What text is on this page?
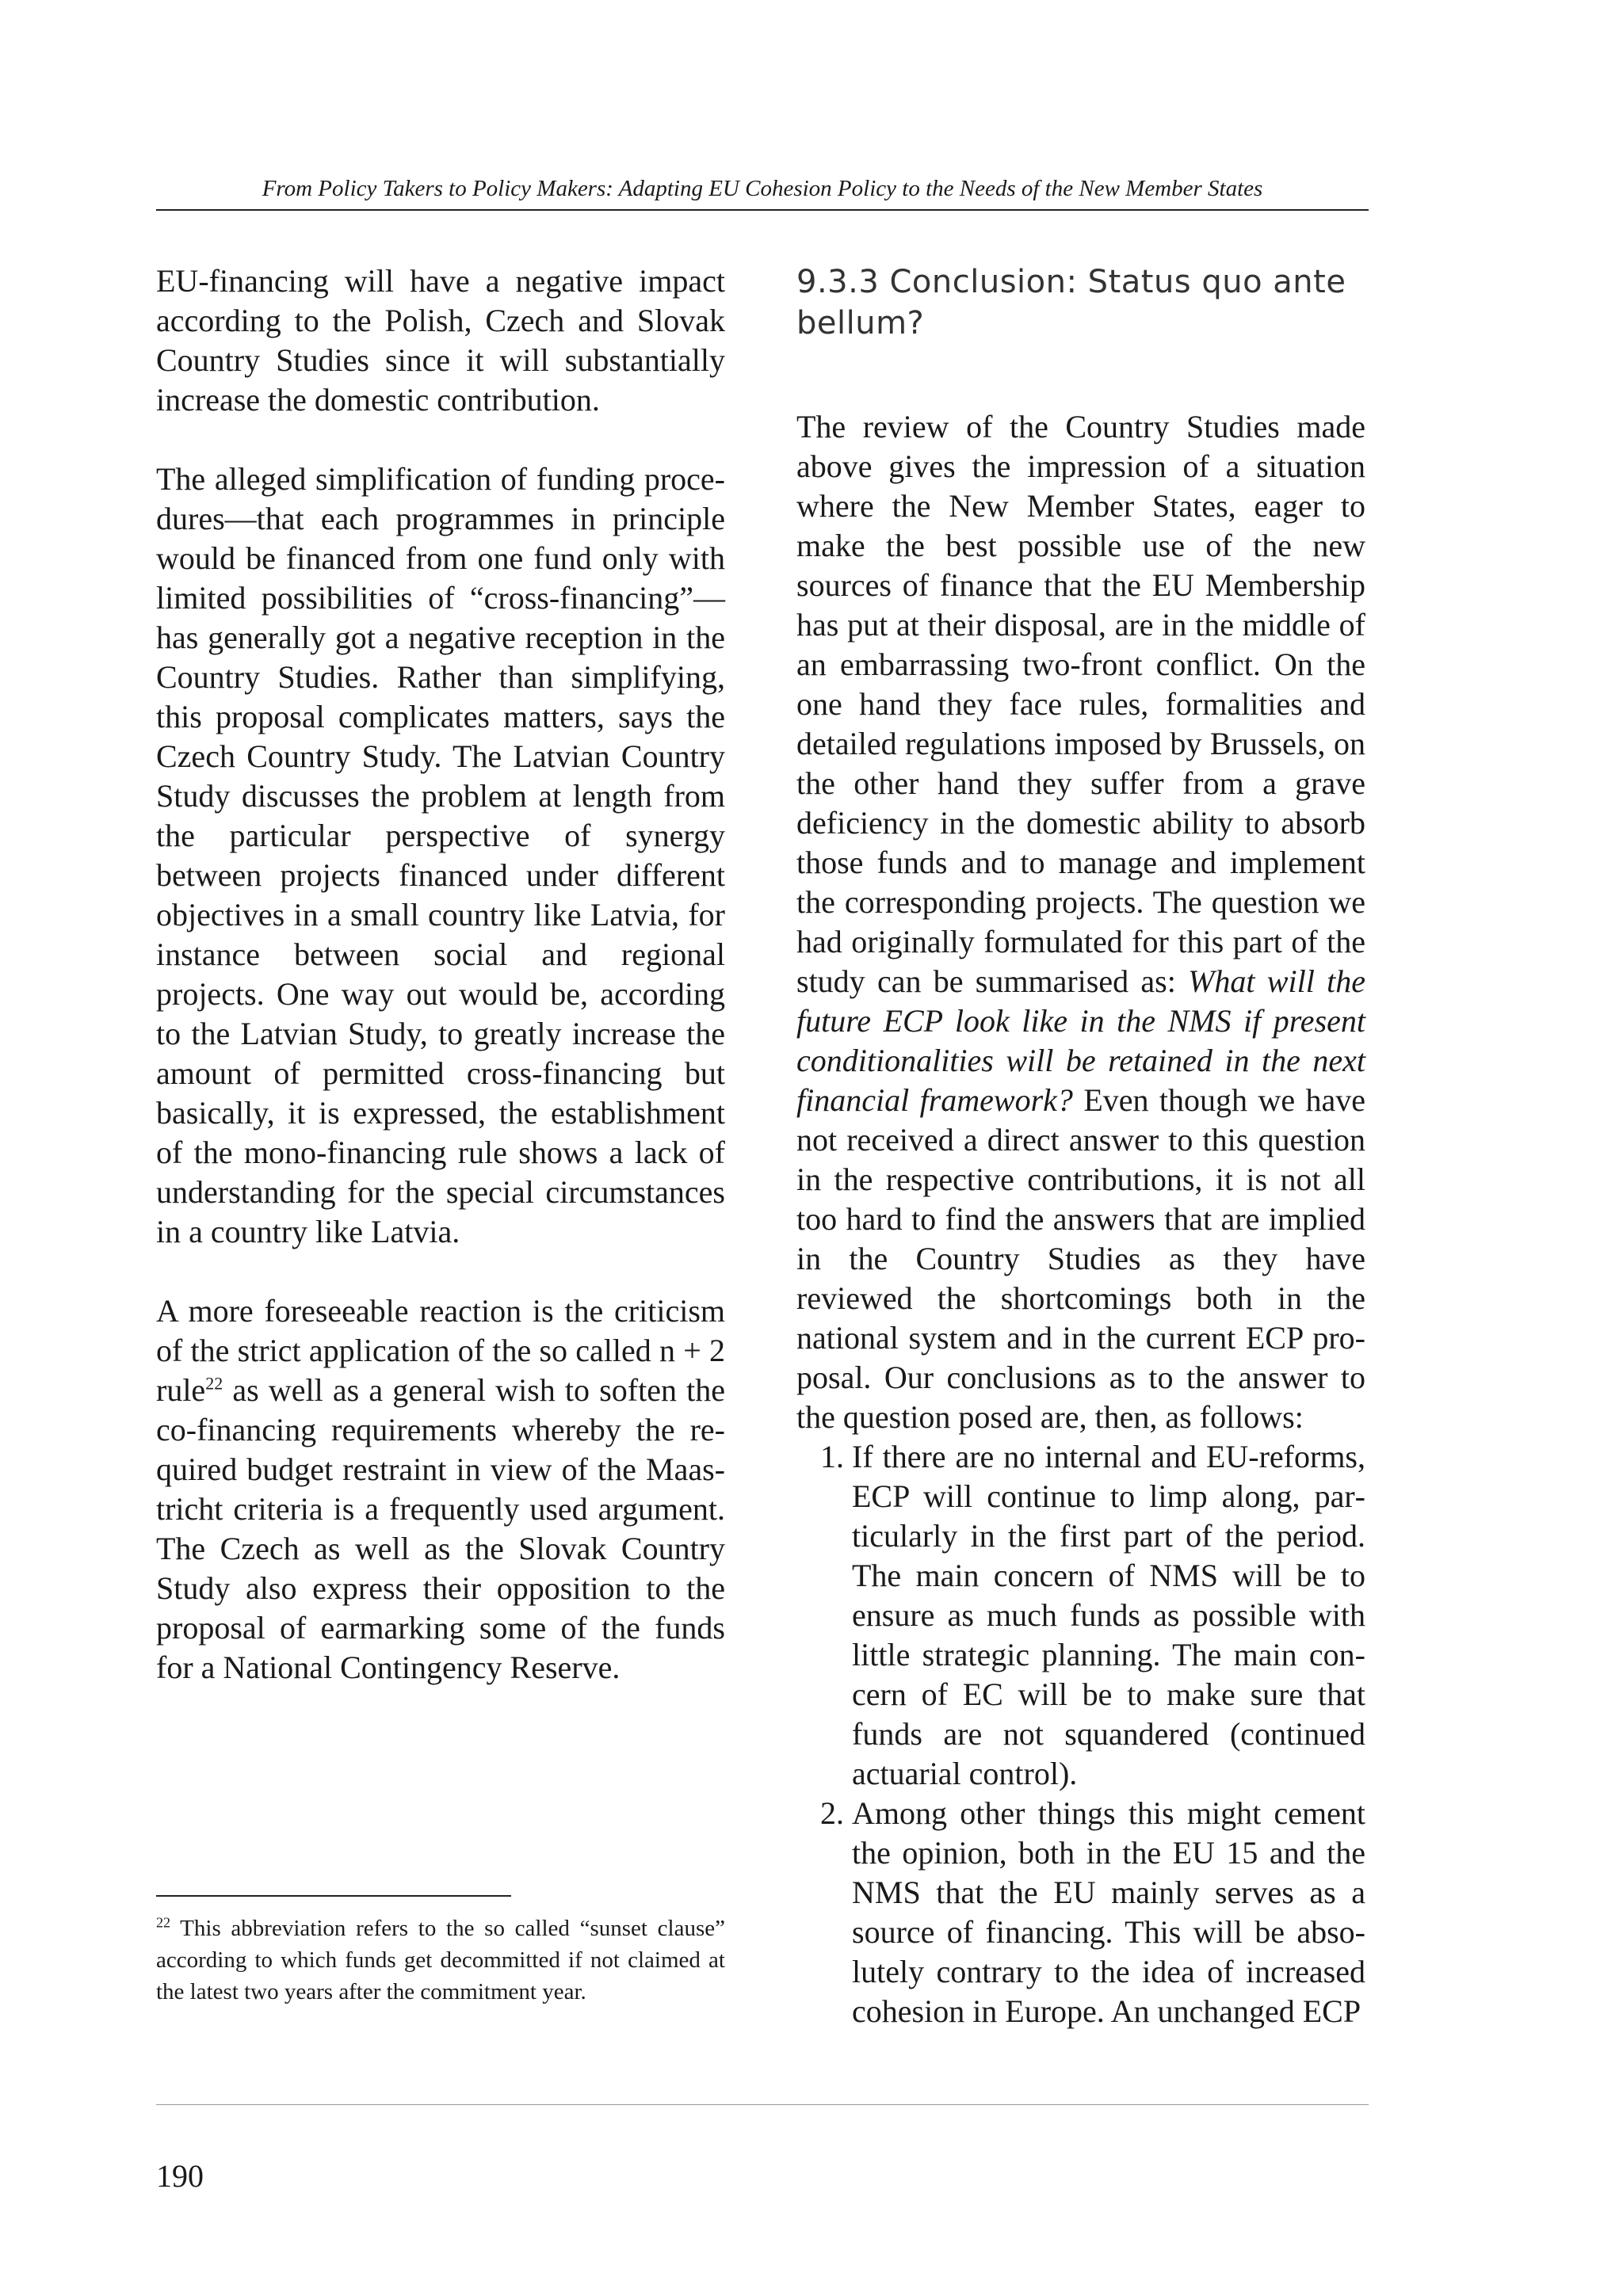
From Policy Takers to Policy Makers: Adapting EU Cohesion Policy to the Needs of the New Member States

EU-financing will have a negative impact according to the Polish, Czech and Slovak Country Studies since it will substantially increase the domestic contribution.

The alleged simplification of funding procedures—that each programmes in principle would be financed from one fund only with limited possibilities of “cross-financing”—has generally got a negative reception in the Country Studies. Rather than simplifying, this proposal complicates matters, says the Czech Country Study. The Latvian Country Study discusses the problem at length from the particular perspective of synergy between projects financed under different objectives in a small country like Latvia, for instance between social and regional projects. One way out would be, according to the Latvian Study, to greatly increase the amount of permitted cross-financing but basically, it is expressed, the establishment of the mono-financing rule shows a lack of understanding for the special circumstances in a country like Latvia.

A more foreseeable reaction is the criticism of the strict application of the so called n + 2 rule$^{22}$ as well as a general wish to soften the co-financing requirements whereby the required budget restraint in view of the Maastricht criteria is a frequently used argument. The Czech as well as the Slovak Country Study also express their opposition to the proposal of earmarking some of the funds for a National Contingency Reserve.

9.3.3 Conclusion: Status quo ante bellum?

The review of the Country Studies made above gives the impression of a situation where the New Member States, eager to make the best possible use of the new sources of finance that the EU Membership has put at their disposal, are in the middle of an embarrassing two-front conflict. On the one hand they face rules, formalities and detailed regulations imposed by Brussels, on the other hand they suffer from a grave deficiency in the domestic ability to absorb those funds and to manage and implement the corresponding projects. The question we had originally formulated for this part of the study can be summarised as: What will the future ECP look like in the NMS if present conditionalities will be retained in the next financial framework? Even though we have not received a direct answer to this question in the respective contributions, it is not all too hard to find the answers that are implied in the Country Studies as they have reviewed the shortcomings both in the national system and in the current ECP proposal. Our conclusions as to the answer to the question posed are, then, as follows:

1. If there are no internal and EU-reforms, ECP will continue to limp along, particularly in the first part of the period. The main concern of NMS will be to ensure as much funds as possible with little strategic planning. The main concern of EC will be to make sure that funds are not squandered (continued actuarial control).
2. Among other things this might cement the opinion, both in the EU 15 and the NMS that the EU mainly serves as a source of financing. This will be absolutely contrary to the idea of increased cohesion in Europe. An unchanged ECP
$^{22}$ This abbreviation refers to the so called “sunset clause” according to which funds get decommitted if not claimed at the latest two years after the commitment year.
190
